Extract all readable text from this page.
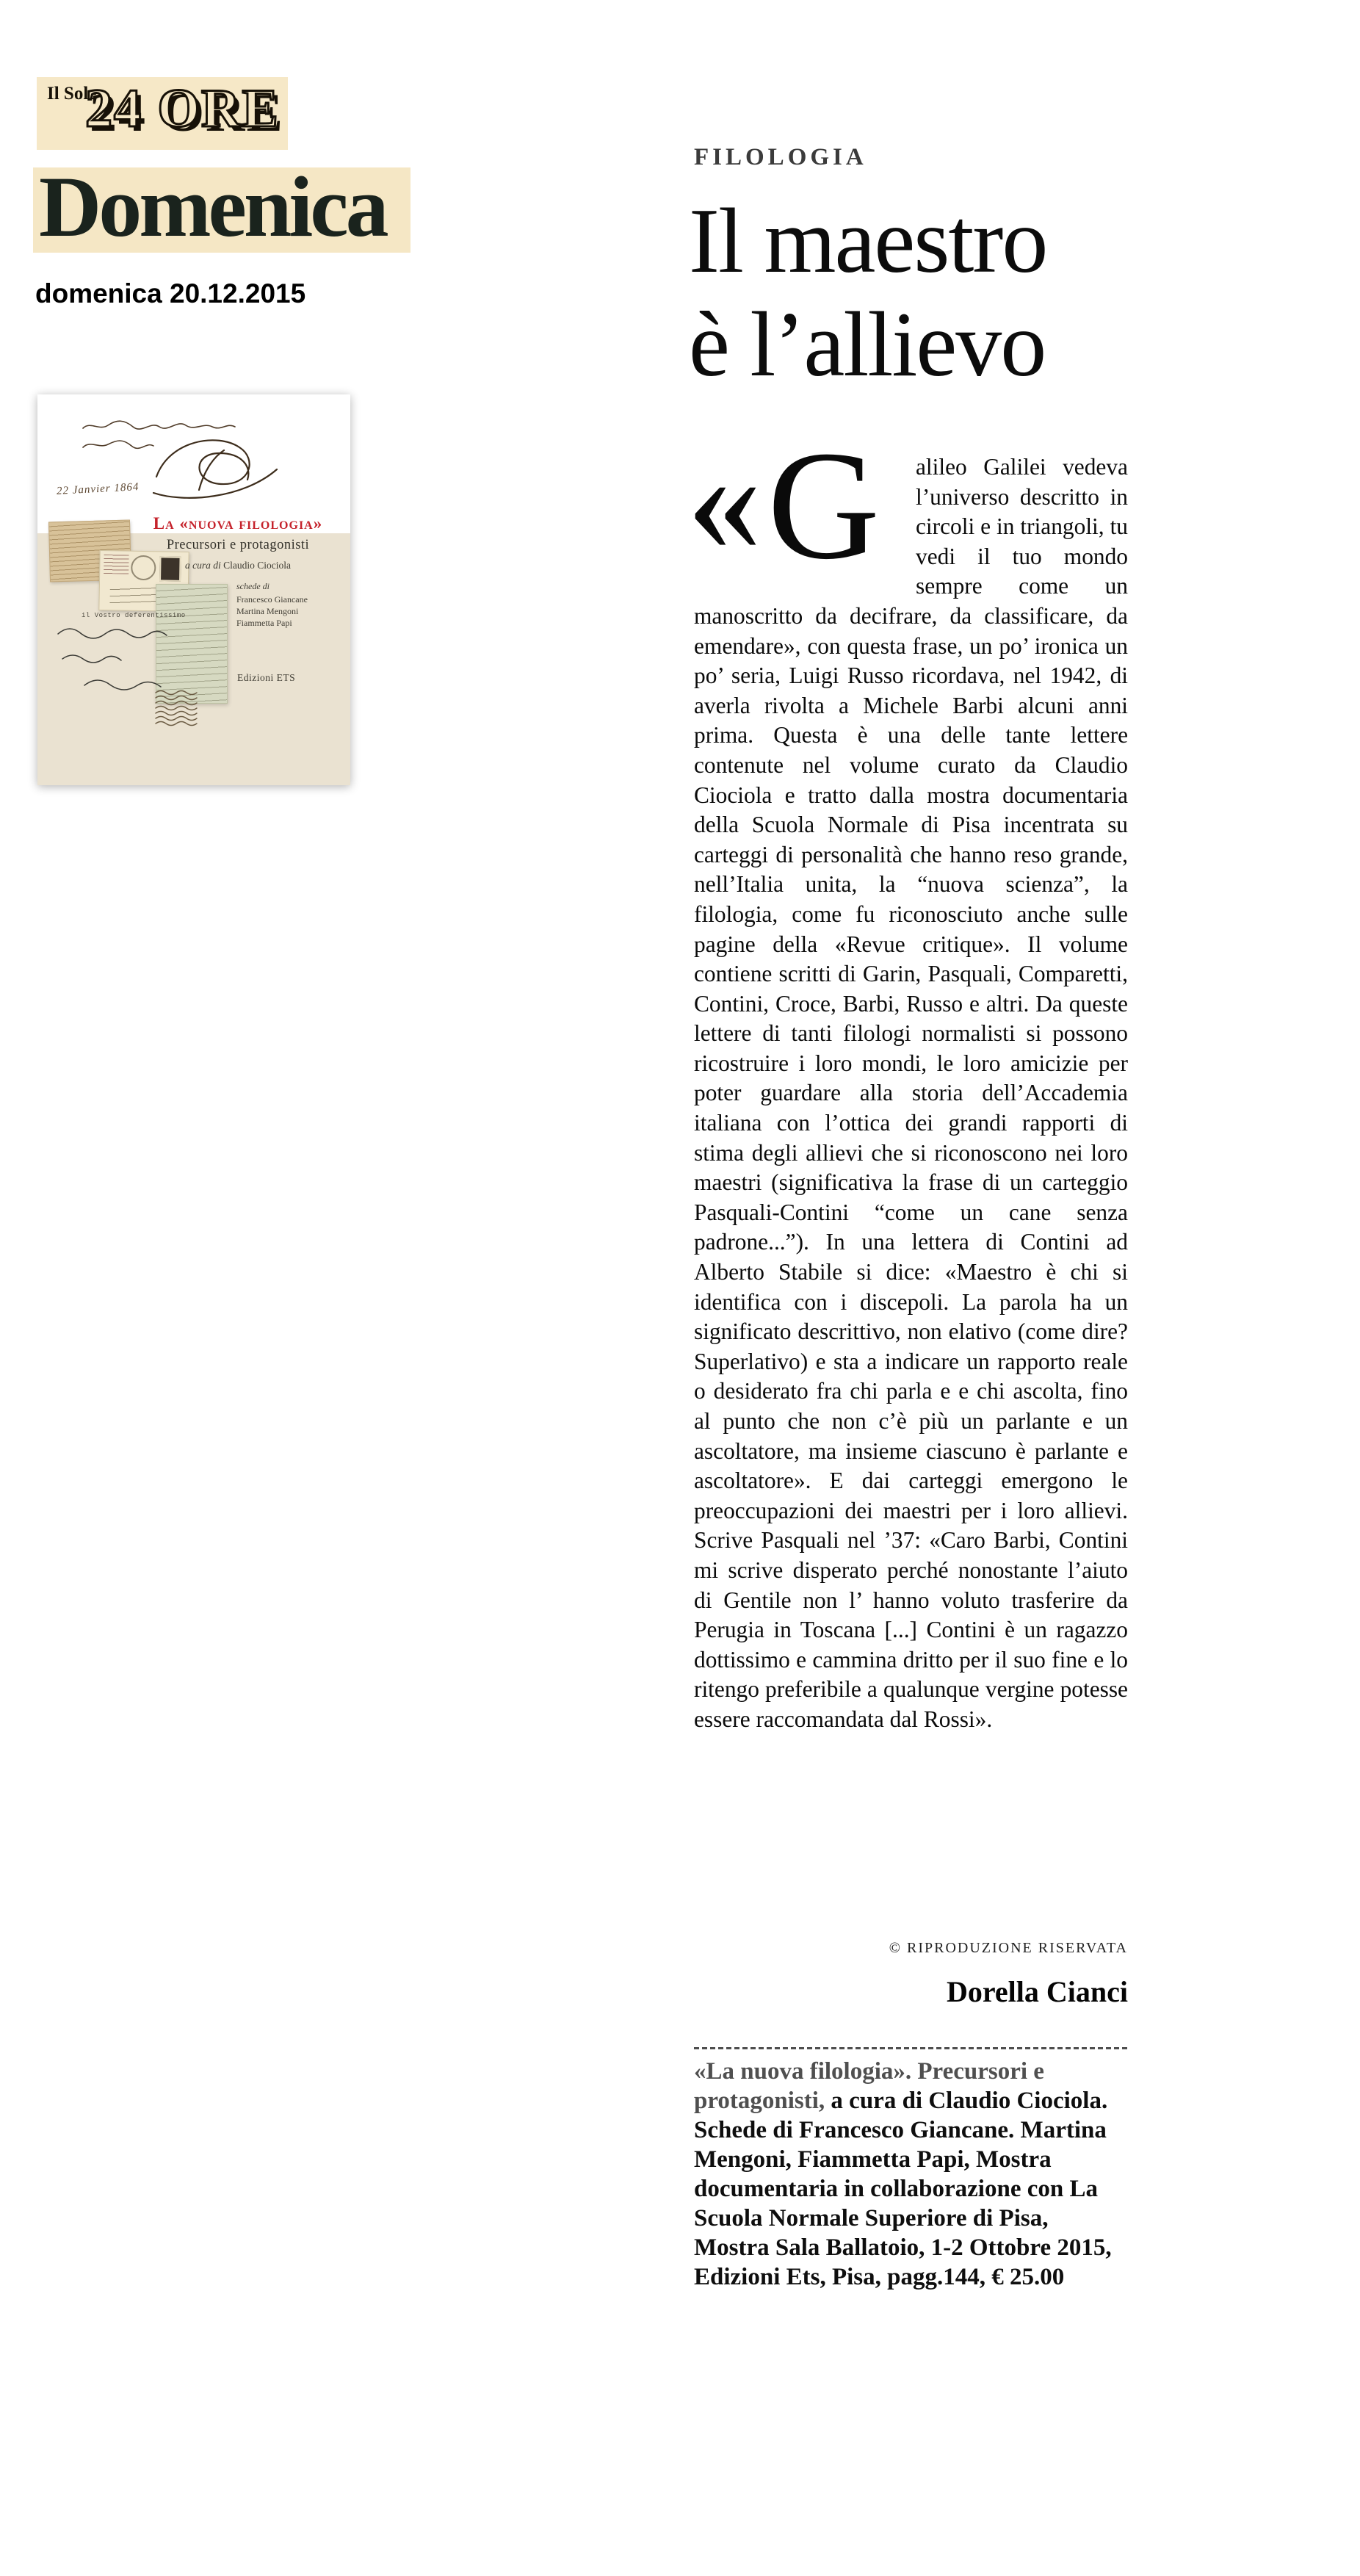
Il Sole
24 ORE
Domenica
domenica 20.12.2015
22 Janvier 1864
il Vostro deferentissimo
La «nuova filologia»
Precursori e protagonisti
a cura di Claudio Ciociola
schede di
Francesco Giancane
Martina Mengoni
Fiammetta Papi
Edizioni ETS
FILOLOGIA
Il maestro
è l’allievo
« G alileo Galilei vedeva l’universo descritto in circoli e in triangoli, tu vedi il tuo mondo sempre come un manoscritto da decifrare, da classificare, da emendare», con questa frase, un po’ ironica un po’ seria, Luigi Russo ricordava, nel 1942, di averla rivolta a Michele Barbi alcuni anni prima. Questa è una delle tante lettere contenute nel volume curato da Claudio Ciociola e tratto dalla mostra documentaria della Scuola Normale di Pisa incentrata su carteggi di personalità che hanno reso grande, nell’Italia unita, la “nuova scienza”, la filologia, come fu riconosciuto anche sulle pagine della «Revue critique». Il volume contiene scritti di Garin, Pasquali, Comparetti, Contini, Croce, Barbi, Russo e altri. Da queste lettere di tanti filologi normalisti si possono ricostruire i loro mondi, le loro amicizie per poter guardare alla storia dell’Accademia italiana con l’ottica dei grandi rapporti di stima degli allievi che si riconoscono nei loro maestri (significativa la frase di un carteggio Pasquali-Contini “come un cane senza padrone...”). In una lettera di Contini ad Alberto Stabile si dice: «Maestro è chi si identifica con i discepoli. La parola ha un significato descrittivo, non elativo (come dire? Superlativo) e sta a indicare un rapporto reale o desiderato fra chi parla e e chi ascolta, fino al punto che non c’è più un parlante e un ascoltatore, ma insieme ciascuno è parlante e ascoltatore». E dai carteggi emergono le preoccupazioni dei maestri per i loro allievi. Scrive Pasquali nel ’37: «Caro Barbi, Contini mi scrive disperato perché nonostante l’aiuto di Gentile non l’ hanno voluto trasferire da Perugia in Toscana [...] Contini è un ragazzo dottissimo e cammina dritto per il suo fine e lo ritengo preferibile a qualunque vergine potesse essere raccomandata dal Rossi».
© RIPRODUZIONE RISERVATA
Dorella Cianci
«La nuova filologia». Precursori e protagonisti, a cura di Claudio Ciociola. Schede di Francesco Giancane. Martina Mengoni, Fiammetta Papi, Mostra documentaria in collaborazione con La Scuola Normale Superiore di Pisa, Mostra Sala Ballatoio, 1-2 Ottobre 2015, Edizioni Ets, Pisa, pagg.144, € 25.00
